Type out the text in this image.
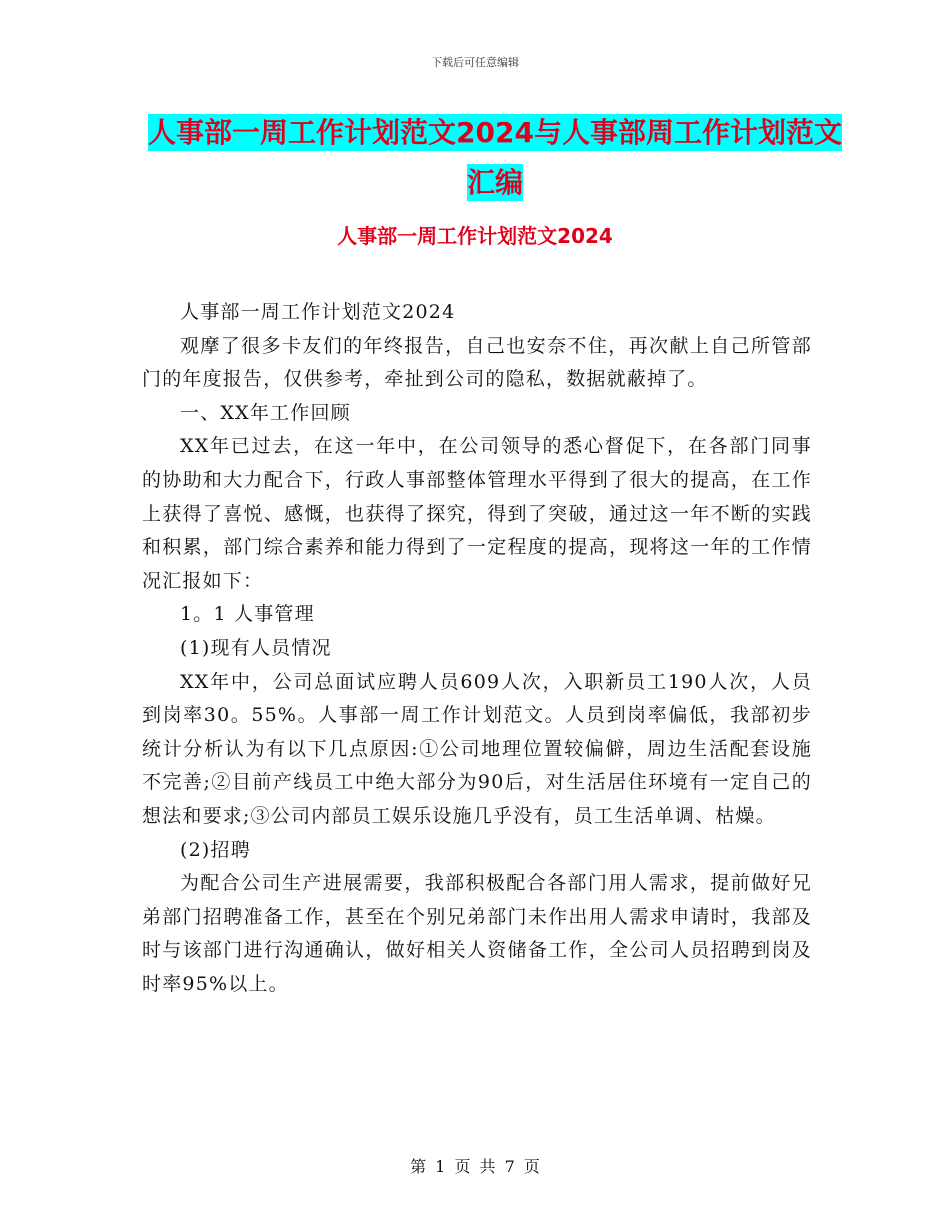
下载后可任意编辑
人事部一周工作计划范文2024与人事部周工作计划范文汇编
人事部一周工作计划范文2024

人事部一周工作计划范文2024

观摩了很多卡友们的年终报告，自己也安奈不住，再次献上自己所管部门的年度报告，仅供参考，牵扯到公司的隐私，数据就蔽掉了。

一、XX年工作回顾

XX年已过去，在这一年中，在公司领导的悉心督促下，在各部门同事的协助和大力配合下，行政人事部整体管理水平得到了很大的提高，在工作上获得了喜悦、感慨，也获得了探究，得到了突破，通过这一年不断的实践和积累，部门综合素养和能力得到了一定程度的提高，现将这一年的工作情况汇报如下：

1。1 人事管理

(1)现有人员情况

XX年中，公司总面试应聘人员609人次，入职新员工190人次，人员到岗率30。55%。人事部一周工作计划范文。人员到岗率偏低，我部初步统计分析认为有以下几点原因:①公司地理位置较偏僻，周边生活配套设施不完善;②目前产线员工中绝大部分为90后，对生活居住环境有一定自己的想法和要求;③公司内部员工娱乐设施几乎没有，员工生活单调、枯燥。

(2)招聘

为配合公司生产进展需要，我部积极配合各部门用人需求，提前做好兄弟部门招聘准备工作，甚至在个别兄弟部门未作出用人需求申请时，我部及时与该部门进行沟通确认，做好相关人资储备工作，全公司人员招聘到岗及时率95%以上。

第 1 页 共 7 页
